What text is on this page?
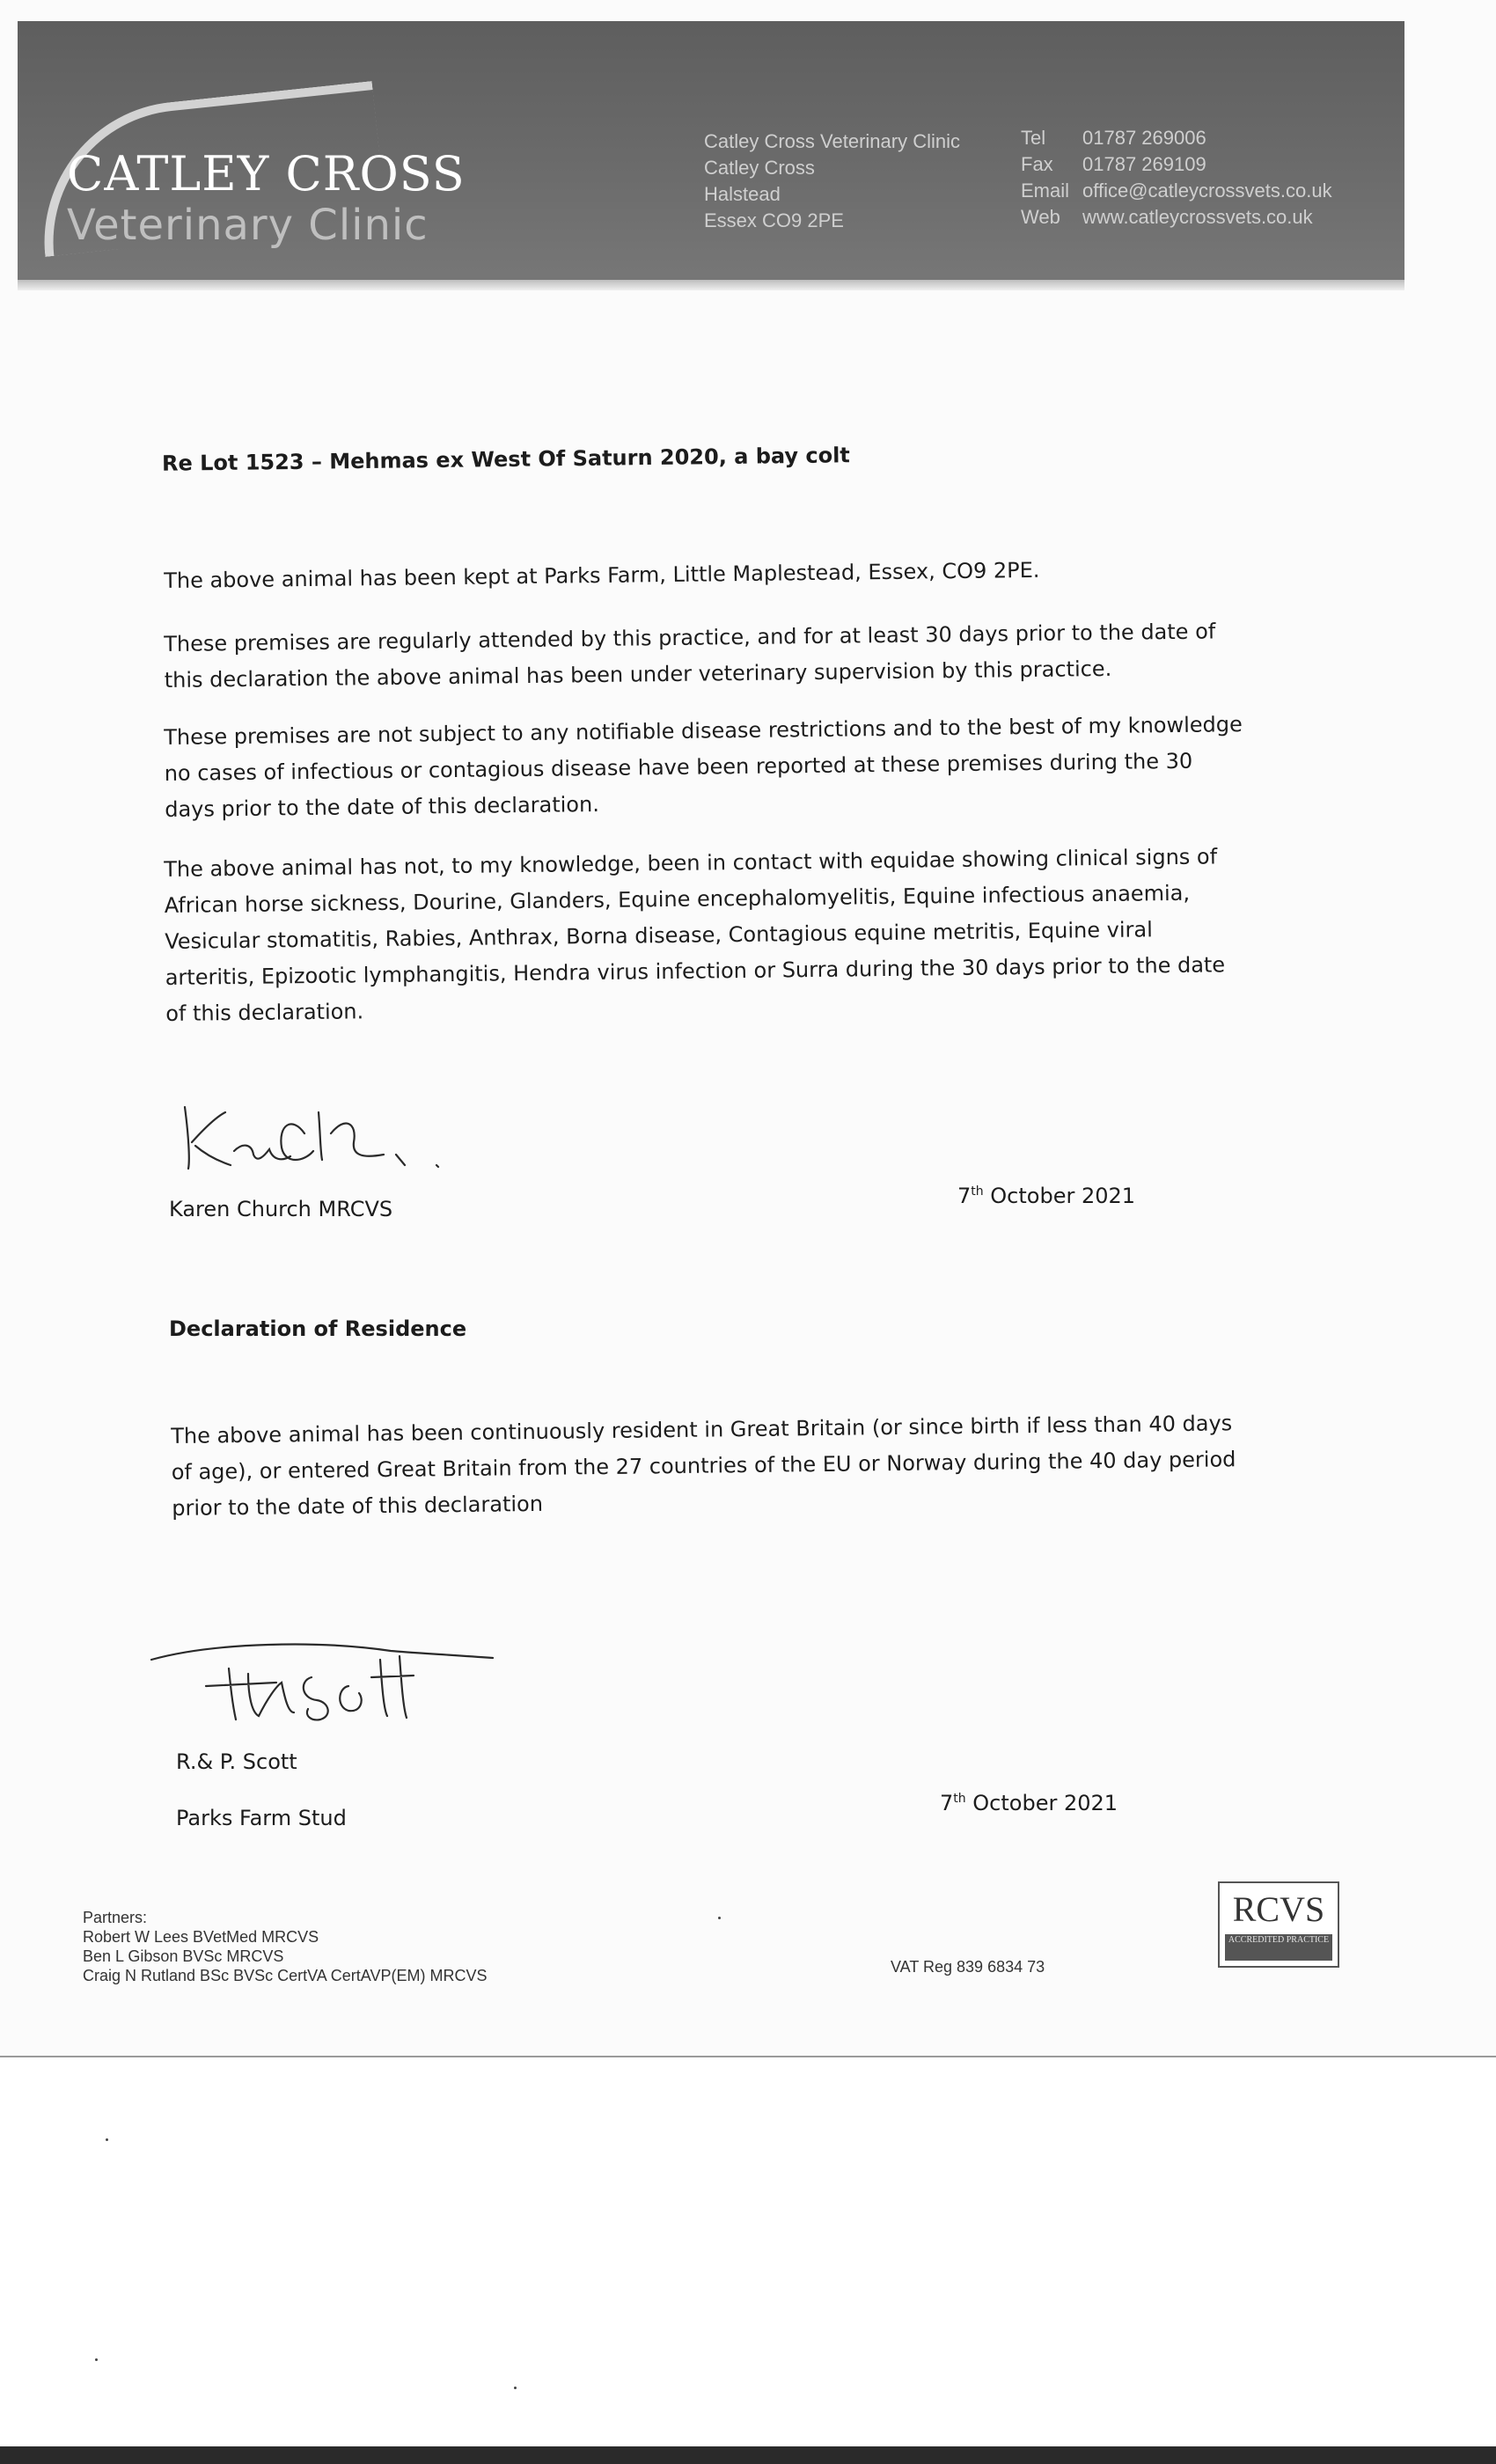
CATLEY CROSS
Veterinary Clinic
Catley Cross Veterinary Clinic
Catley Cross
Halstead
Essex CO9 2PE
Tel	01787 269006
Fax	01787 269109
Email office@catleycrossvets.co.uk
Web	www.catleycrossvets.co.uk
Re Lot 1523 – Mehmas ex West Of Saturn 2020, a bay colt
The above animal has been kept at Parks Farm, Little Maplestead, Essex, CO9 2PE.
These premises are regularly attended by this practice, and for at least 30 days prior to the date of this declaration the above animal has been under veterinary supervision by this practice.
These premises are not subject to any notifiable disease restrictions and to the best of my knowledge no cases of infectious or contagious disease have been reported at these premises during the 30 days prior to the date of this declaration.
The above animal has not, to my knowledge, been in contact with equidae showing clinical signs of African horse sickness, Dourine, Glanders, Equine encephalomyelitis, Equine infectious anaemia, Vesicular stomatitis, Rabies, Anthrax, Borna disease, Contagious equine metritis, Equine viral arteritis, Epizootic lymphangitis, Hendra virus infection or Surra during the 30 days prior to the date of this declaration.
Karen Church MRCVS
7th October 2021
Declaration of Residence
The above animal has been continuously resident in Great Britain (or since birth if less than 40 days of age), or entered Great Britain from the 27 countries of the EU or Norway during the 40 day period prior to the date of this declaration
R.& P. Scott
Parks Farm Stud
7th October 2021
Partners:
Robert W Lees BVetMed MRCVS
Ben L Gibson BVSc MRCVS
Craig N Rutland BSc BVSc CertVA CertAVP(EM) MRCVS	VAT Reg 839 6834 73
RCVS
ACCREDITED PRACTICE
